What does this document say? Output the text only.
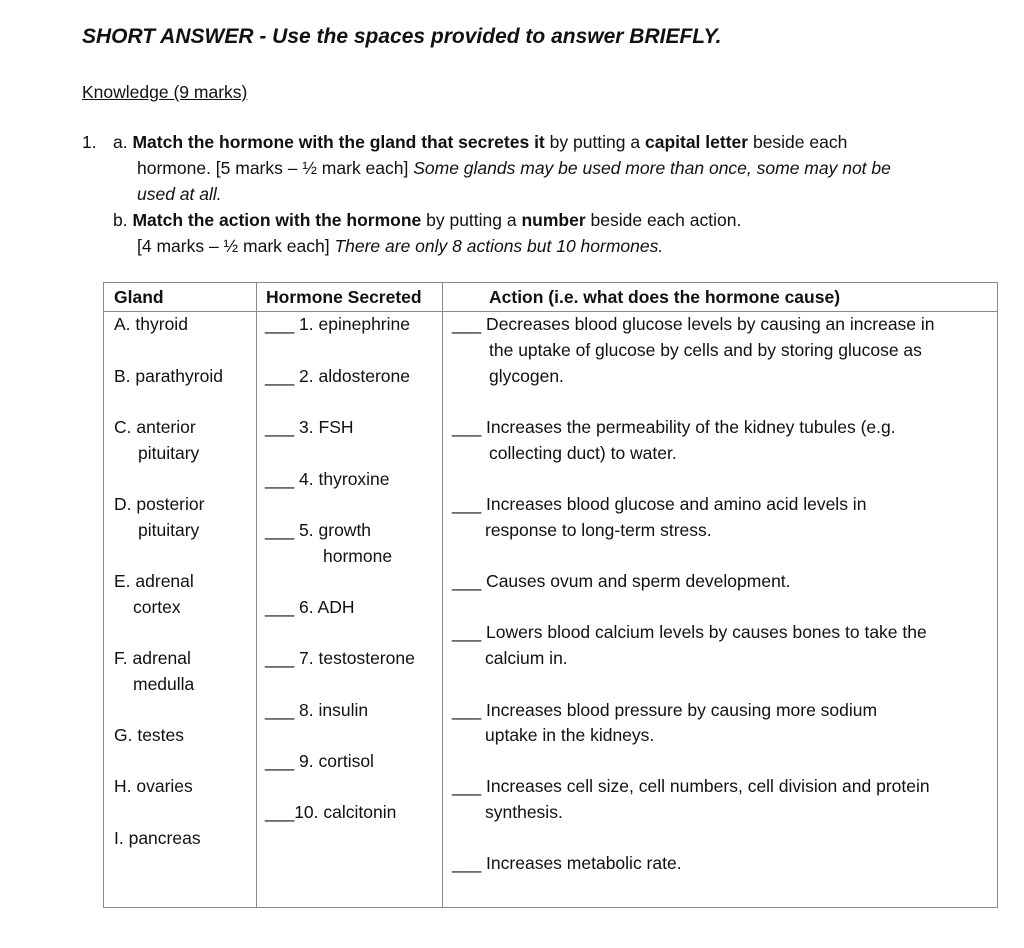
SHORT ANSWER - Use the spaces provided to answer BRIEFLY.
Knowledge (9 marks)
1. a. Match the hormone with the gland that secretes it by putting a capital letter beside each
hormone. [5 marks – ½ mark each] Some glands may be used more than once, some may not be
used at all.
b. Match the action with the hormone by putting a number beside each action.
[4 marks – ½ mark each] There are only 8 actions but 10 hormones.
Gland	Hormone Secreted	Action (i.e. what does the hormone cause)
A. thyroid
B. parathyroid
C. anterior
pituitary
D. posterior
pituitary
E. adrenal
cortex
F. adrenal
medulla
G. testes
H. ovaries
I. pancreas
___ 1. epinephrine
___ 2. aldosterone
___ 3. FSH
___ 4. thyroxine
___ 5. growth
hormone
___ 6. ADH
___ 7. testosterone
___ 8. insulin
___ 9. cortisol
___10. calcitonin
___ Decreases blood glucose levels by causing an increase in
the uptake of glucose by cells and by storing glucose as
glycogen.
___ Increases the permeability of the kidney tubules (e.g.
collecting duct) to water.
___ Increases blood glucose and amino acid levels in
response to long-term stress.
___ Causes ovum and sperm development.
___ Lowers blood calcium levels by causes bones to take the
calcium in.
___ Increases blood pressure by causing more sodium
uptake in the kidneys.
___ Increases cell size, cell numbers, cell division and protein
synthesis.
___ Increases metabolic rate.
